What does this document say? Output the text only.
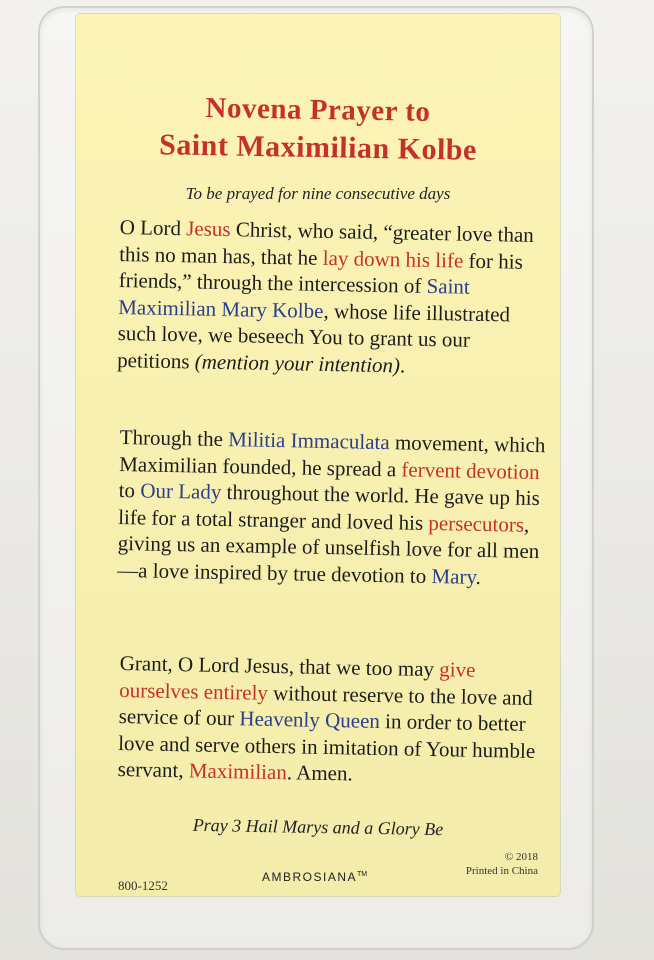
Novena Prayer to
Saint Maximilian Kolbe
To be prayed for nine consecutive days
O Lord Jesus Christ, who said, “greater love than this no man has, that he lay down his life for his friends,” through the intercession of Saint Maximilian Mary Kolbe, whose life illustrated such love, we beseech You to grant us our petitions (mention your intention).
Through the Militia Immaculata movement, which Maximilian founded, he spread a fervent devotion to Our Lady throughout the world. He gave up his life for a total stranger and loved his persecutors, giving us an example of unselfish love for all men—a love inspired by true devotion to Mary.
Grant, O Lord Jesus, that we too may give ourselves entirely without reserve to the love and service of our Heavenly Queen in order to better love and serve others in imitation of Your humble servant, Maximilian. Amen.
Pray 3 Hail Marys and a Glory Be
800-1252
AMBROSIANA™
© 2018
Printed in China
